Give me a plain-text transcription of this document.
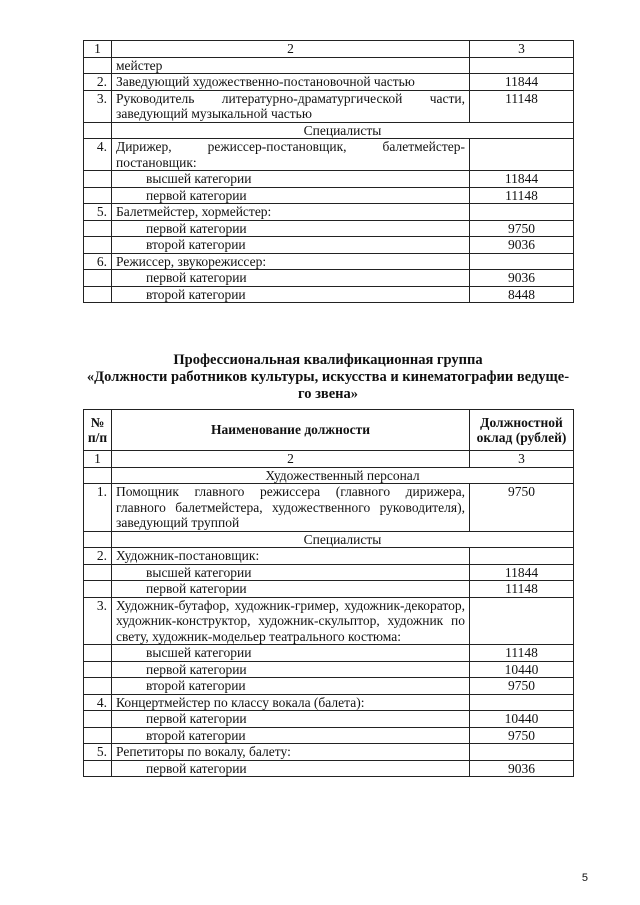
1	2	3
	мейстер	
2.	Заведующий художественно-постановочной частью	11844
3.	Руководитель литературно-драматургической части, заведующий музыкальной частью	11148
	Специалисты	
4.	Дирижер, режиссер-постановщик, балетмейстер-постановщик:	
	высшей категории	11844
	первой категории	11148
5.	Балетмейстер, хормейстер:	
	первой категории	9750
	второй категории	9036
6.	Режиссер, звукорежиссер:	
	первой категории	9036
	второй категории	8448
Профессиональная квалификационная группа
«Должности работников культуры, искусства и кинематографии ведуще-
го звена»
№ п/п	Наименование должности	Должностной оклад (рублей)
1	2	3
	Художественный персонал	
1.	Помощник главного режиссера (главного дирижера, главного балетмейстера, художественного руководителя), заведующий труппой	9750
	Специалисты	
2.	Художник-постановщик:	
	высшей категории	11844
	первой категории	11148
3.	Художник-бутафор, художник-гример, художник-декоратор, художник-конструктор, художник-скульптор, художник по свету, художник-модельер театрального костюма:	
	высшей категории	11148
	первой категории	10440
	второй категории	9750
4.	Концертмейстер по классу вокала (балета):	
	первой категории	10440
	второй категории	9750
5.	Репетиторы по вокалу, балету:	
	первой категории	9036
5
